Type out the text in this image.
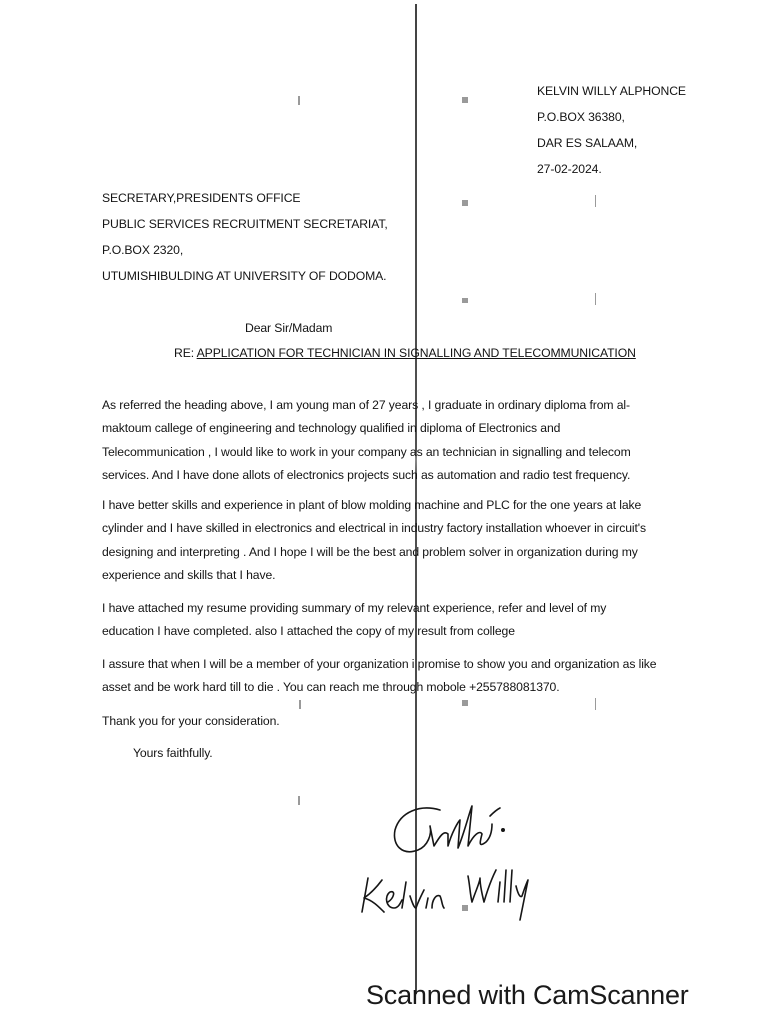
KELVIN WILLY ALPHONCE
P.O.BOX 36380,
DAR ES SALAAM,
27-02-2024.
SECRETARY,PRESIDENTS OFFICE
PUBLIC SERVICES RECRUITMENT SECRETARIAT,
P.O.BOX 2320,
UTUMISHIBULDING AT UNIVERSITY OF DODOMA.
Dear Sir/Madam
RE: APPLICATION FOR TECHNICIAN IN SIGNALLING AND TELECOMMUNICATION
As referred the heading above, I am young man of 27 years , I graduate in ordinary diploma from al-
maktoum callege of engineering and technology qualified in diploma of Electronics and
Telecommunication , I would like to work in your company as an technician in signalling and telecom
services. And I have done allots of electronics projects such as automation and radio test frequency.
I have better skills and experience in plant of blow molding machine and PLC for the one years at lake
cylinder and I have skilled in electronics and electrical in industry factory installation whoever in circuit's
designing and interpreting . And I hope I will be the best and problem solver in organization during my
experience and skills that I have.
I have attached my resume providing summary of my relevant experience, refer and level of my
education I have completed. also I attached the copy of my result from college
I assure that when I will be a member of your organization i promise to show you and organization as like
asset and be work hard till to die . You can reach me through mobole +255788081370.
Thank you for your consideration.
Yours faithfully.
Scanned with CamScanner
